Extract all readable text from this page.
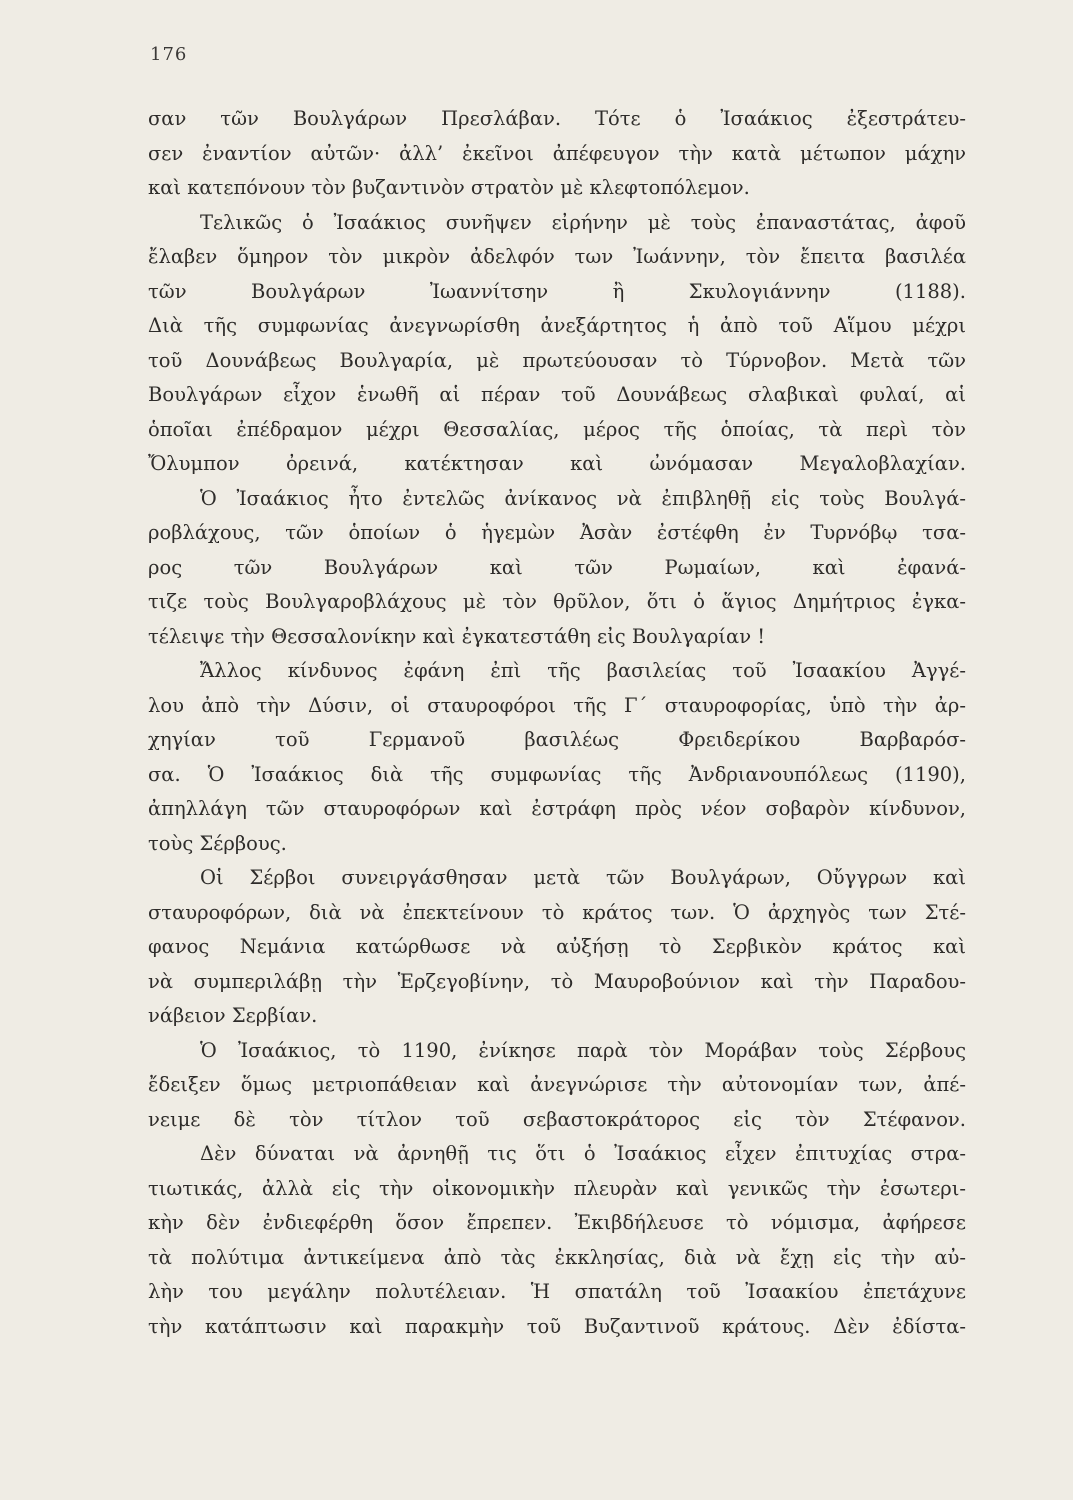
176
σαν τῶν Βουλγάρων Πρεσλάβαν. Τότε ὁ Ἰσαάκιος ἐξεστράτευ-
σεν ἐναντίον αὐτῶν· ἀλλ’ ἐκεῖνοι ἀπέφευγον τὴν κατὰ μέτωπον μάχην
καὶ κατεπόνουν τὸν βυζαντινὸν στρατὸν μὲ κλεφτοπόλεμον.
Τελικῶς ὁ Ἰσαάκιος συνῆψεν εἰρήνην μὲ τοὺς ἐπαναστάτας, ἀφοῦ
ἔλαβεν ὅμηρον τὸν μικρὸν ἀδελφόν των Ἰωάννην, τὸν ἔπειτα βασιλέα
τῶν Βουλγάρων Ἰωαννίτσην ἢ Σκυλογιάννην (1188).
Διὰ τῆς συμφωνίας ἀνεγνωρίσθη ἀνεξάρτητος ἡ ἀπὸ τοῦ Αἵμου μέχρι
τοῦ Δουνάβεως Βουλγαρία, μὲ πρωτεύουσαν τὸ Τύρνοβον. Μετὰ τῶν
Βουλγάρων εἶχον ἑνωθῆ αἱ πέραν τοῦ Δουνάβεως σλαβικαὶ φυλαί, αἱ
ὁποῖαι ἐπέδραμον μέχρι Θεσσαλίας, μέρος τῆς ὁποίας, τὰ περὶ τὸν
Ὄλυμπον ὀρεινά, κατέκτησαν καὶ ὠνόμασαν Μεγαλοβλαχίαν.
Ὁ Ἰσαάκιος ἦτο ἐντελῶς ἀνίκανος νὰ ἐπιβληθῇ εἰς τοὺς Βουλγά-
ροβλάχους, τῶν ὁποίων ὁ ἡγεμὼν Ἀσὰν ἐστέφθη ἐν Τυρνόβῳ τσα-
ρος τῶν Βουλγάρων καὶ τῶν Ρωμαίων, καὶ ἐφανά-
τιζε τοὺς Βουλγαροβλάχους μὲ τὸν θρῦλον, ὅτι ὁ ἅγιος Δημήτριος ἐγκα-
τέλειψε τὴν Θεσσαλονίκην καὶ ἐγκατεστάθη εἰς Βουλγαρίαν !
Ἄλλος κίνδυνος ἐφάνη ἐπὶ τῆς βασιλείας τοῦ Ἰσαακίου Ἀγγέ-
λου ἀπὸ τὴν Δύσιν, οἱ σταυροφόροι τῆς Γ΄ σταυροφορίας, ὑπὸ τὴν ἀρ-
χηγίαν τοῦ Γερμανοῦ βασιλέως Φρειδερίκου Βαρβαρόσ-
σα. Ὁ Ἰσαάκιος διὰ τῆς συμφωνίας τῆς Ἀνδριανουπόλεως (1190),
ἀπηλλάγη τῶν σταυροφόρων καὶ ἐστράφη πρὸς νέον σοβαρὸν κίνδυνον,
τοὺς Σέρβους.
Οἱ Σέρβοι συνειργάσθησαν μετὰ τῶν Βουλγάρων, Οὔγγρων καὶ
σταυροφόρων, διὰ νὰ ἐπεκτείνουν τὸ κράτος των. Ὁ ἀρχηγὸς των Στέ-
φανος Νεμάνια κατώρθωσε νὰ αὐξήσῃ τὸ Σερβικὸν κράτος καὶ
νὰ συμπεριλάβῃ τὴν Ἑρζεγοβίνην, τὸ Μαυροβούνιον καὶ τὴν Παραδου-
νάβειον Σερβίαν.
Ὁ Ἰσαάκιος, τὸ 1190, ἐνίκησε παρὰ τὸν Μοράβαν τοὺς Σέρβους
ἔδειξεν ὅμως μετριοπάθειαν καὶ ἀνεγνώρισε τὴν αὐτονομίαν των, ἀπέ-
νειμε δὲ τὸν τίτλον τοῦ σεβαστοκράτορος εἰς τὸν Στέφανον.
Δὲν δύναται νὰ ἀρνηθῇ τις ὅτι ὁ Ἰσαάκιος εἶχεν ἐπιτυχίας στρα-
τιωτικάς, ἀλλὰ εἰς τὴν οἰκονομικὴν πλευρὰν καὶ γενικῶς τὴν ἐσωτερι-
κὴν δὲν ἐνδιεφέρθη ὅσον ἔπρεπεν. Ἐκιβδήλευσε τὸ νόμισμα, ἀφήρεσε
τὰ πολύτιμα ἀντικείμενα ἀπὸ τὰς ἐκκλησίας, διὰ νὰ ἔχῃ εἰς τὴν αὐ-
λὴν του μεγάλην πολυτέλειαν. Ἡ σπατάλη τοῦ Ἰσαακίου ἐπετάχυνε
τὴν κατάπτωσιν καὶ παρακμὴν τοῦ Βυζαντινοῦ κράτους. Δὲν ἐδίστα-
